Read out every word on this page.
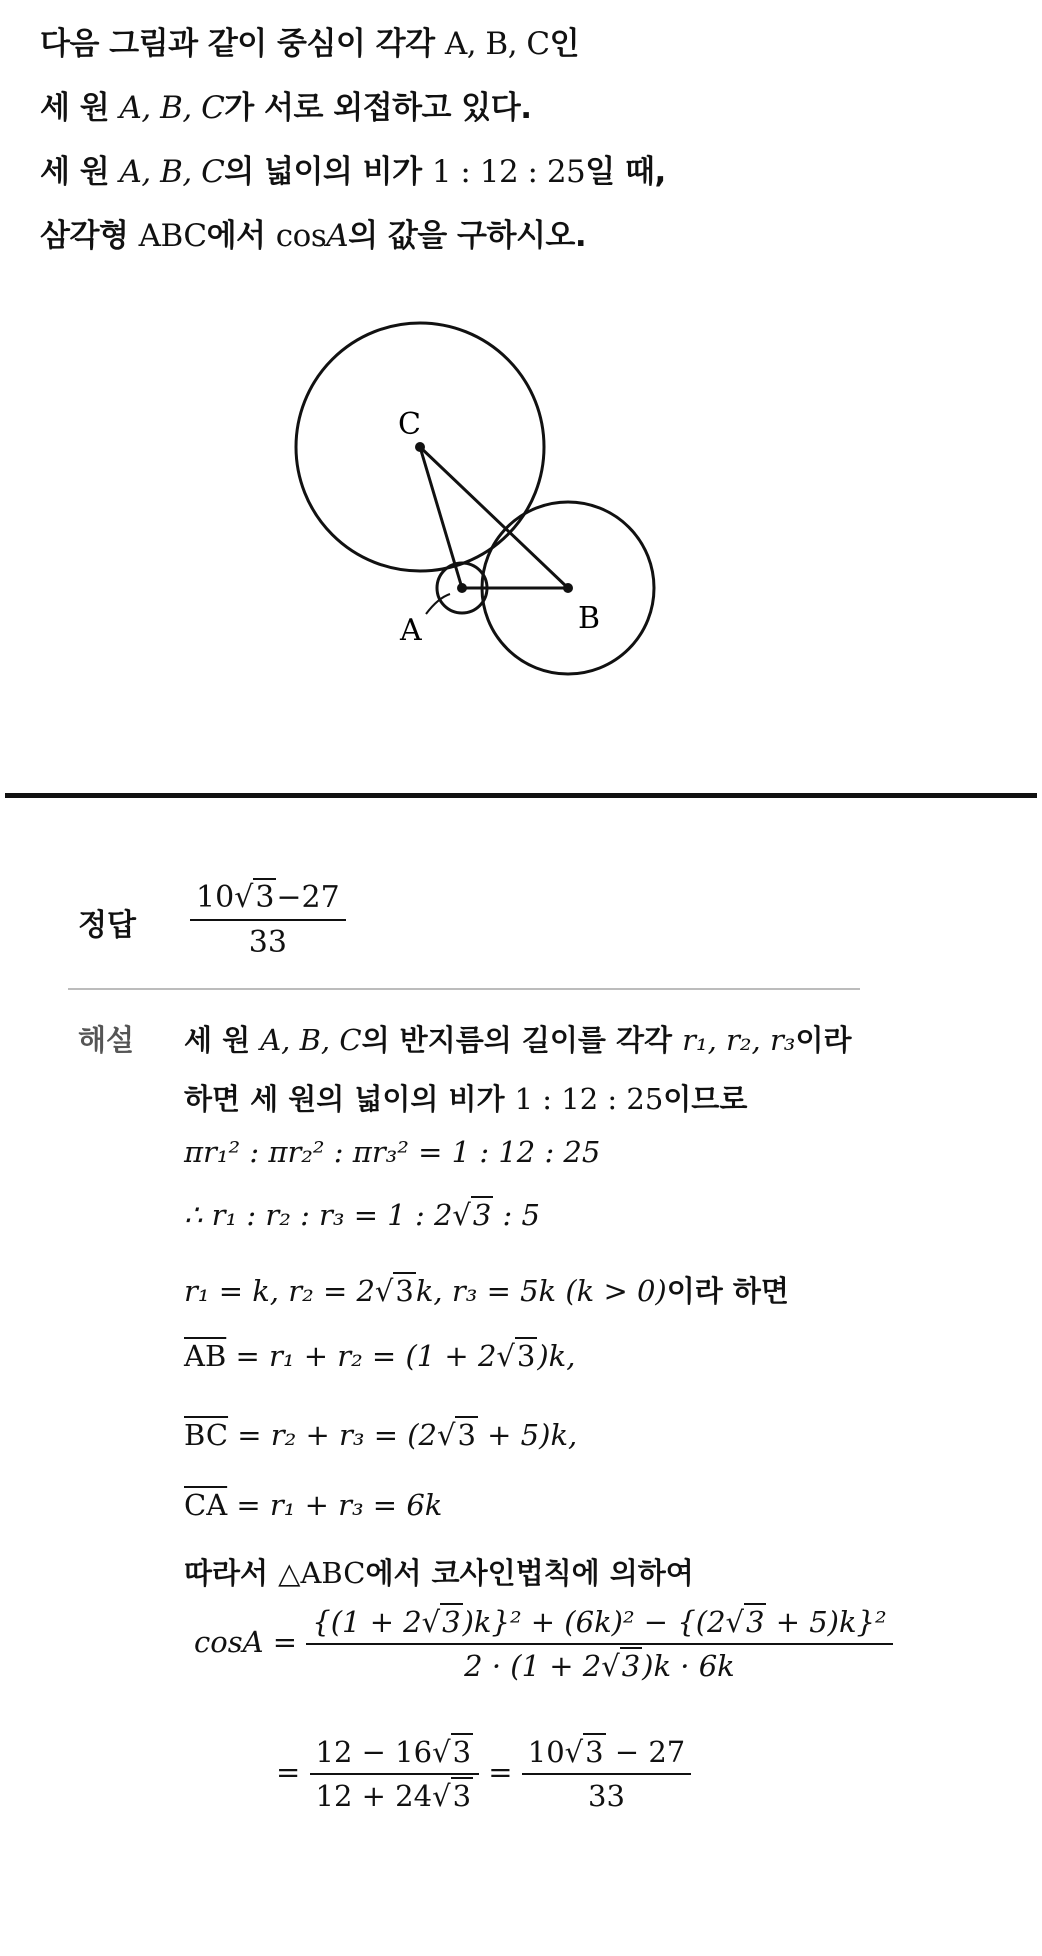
다음 그림과 같이 중심이 각각 A, B, C인
세 원 A, B, C가 서로 외접하고 있다.
세 원 A, B, C의 넓이의 비가 1 : 12 : 25일 때,
삼각형 ABC에서 cosA의 값을 구하시오.
A	B
C
정답 $\frac{10√3-27}{33}$
해설 세 원 A, B, C의 반지름의 길이를 각각 r₁, r₂, r₃이라
하면 세 원의 넓이의 비가 1 : 12 : 25이므로
πr₁² : πr₂² : πr₃² = 1 : 12 : 25
∴ r₁ : r₂ : r₃ = 1 : 2√3 : 5
r₁ = k, r₂ = 2√3k, r₃ = 5k (k > 0)이라 하면
$\overline{AB} = r_1 + r_2 = (1 + 2√3)k$,
$\overline{BC} = r_2 + r_3 = (2√3 + 5)k$,
$\overline{CA} = r_1 + r_3 = 6k$
따라서 △ABC에서 코사인법칙에 의하여
$\cos A = \frac{\text{\{(1 + 2√3)k\}² + (6k)² − \{(2√3 + 5)k\}²}}{2 \cdot (1 + 2√3)k \cdot 6k}$
= $\frac{12 - 16√3}{12 + 24√3} = \frac{10√3 - 27}{33}$
